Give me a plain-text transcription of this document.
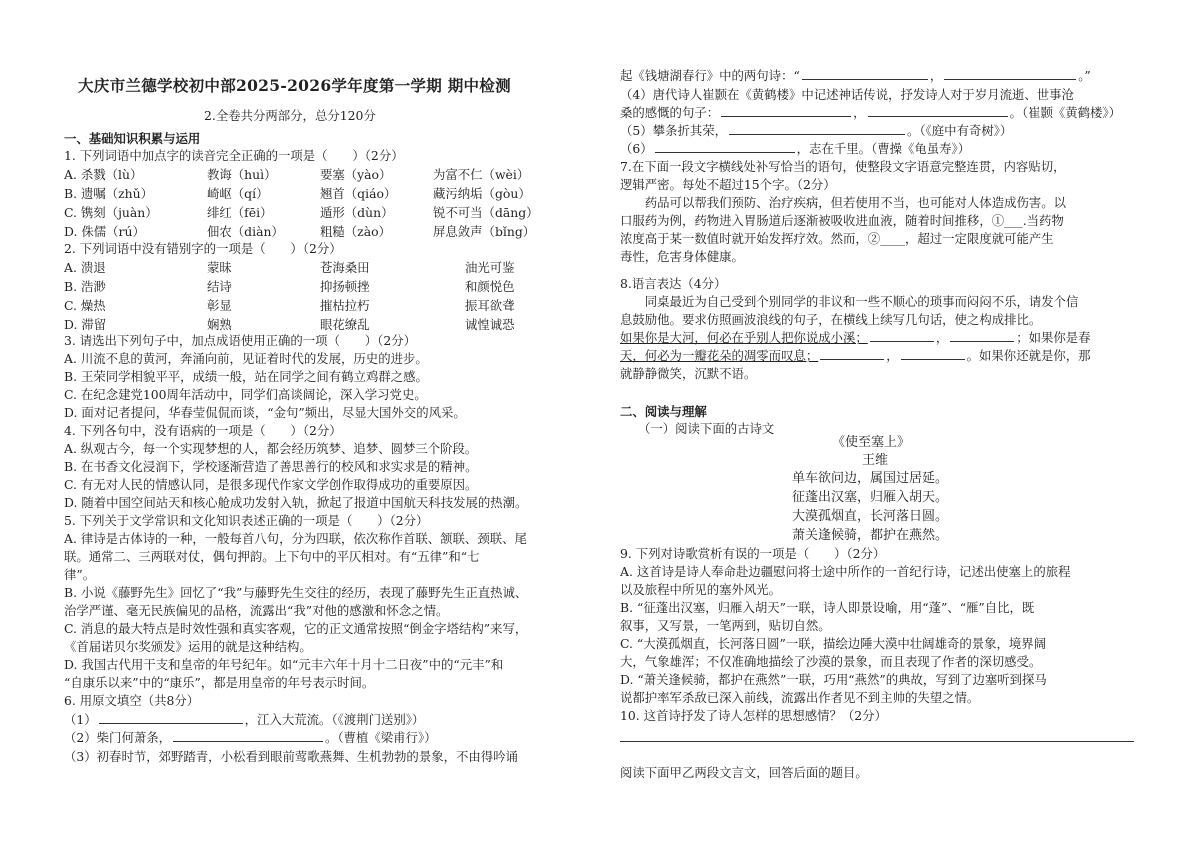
大庆市兰德学校初中部2025-2026学年度第一学期 期中检测
2.全卷共分两部分，总分120分
一、基础知识积累与运用
1. 下列词语中加点字的读音完全正确的一项是（　　）（2分）
A. 杀戮（lù）	教诲（huì）	要塞（yào）	为富不仁（wèi）
B. 遗嘱（zhǔ）	崎岖（qí）	翘首（qiáo）	藏污纳垢（gòu）
C. 镌刻（juàn）	绯红（fēi）	遁形（dùn）	锐不可当（dāng）
D. 侏儒（rú）	佃农（diàn）	粗糙（zào）	屏息敛声（bǐng）
2. 下列词语中没有错别字的一项是（　　）（2分）
A. 溃退	蒙昧	苍海桑田	油光可鉴
B. 浩渺	结诗	抑扬顿挫	和颜悦色
C. 燥热	彰显	摧枯拉朽	振耳欲聋
D. 滞留	娴熟	眼花缭乱	诚惶诚恐
3. 请选出下列句子中，加点成语使用正确的一项（　　）（2分）
A. 川流不息的黄河，奔涌向前，见证着时代的发展，历史的进步。
B. 王荣同学相貌平平，成绩一般，站在同学之间有鹤立鸡群之感。
C. 在纪念建党100周年活动中，同学们高谈阔论，深入学习党史。
D. 面对记者提问，华春莹侃侃而谈，“金句”频出，尽显大国外交的风采。
4. 下列各句中，没有语病的一项是（　　）（2分）
A. 纵观古今，每一个实现梦想的人，都会经历筑梦、追梦、圆梦三个阶段。
B. 在书香文化浸润下，学校逐渐营造了善思善行的校风和求实求是的精神。
C. 有无对人民的情感认同，是很多现代作家文学创作取得成功的重要原因。
D. 随着中国空间站天和核心舱成功发射入轨，掀起了报道中国航天科技发展的热潮。
5. 下列关于文学常识和文化知识表述正确的一项是（　　）（2分）
A. 律诗是古体诗的一种，一般每首八句，分为四联，依次称作首联、颔联、颈联、尾
联。通常二、三两联对仗，偶句押韵。上下句中的平仄相对。有“五律”和“七
律”。
B. 小说《藤野先生》回忆了“我”与藤野先生交往的经历，表现了藤野先生正直热诚、
治学严谨、毫无民族偏见的品格，流露出“我”对他的感激和怀念之情。
C. 消息的最大特点是时效性强和真实客观，它的正文通常按照“倒金字塔结构”来写，
《首届诺贝尔奖颁发》运用的就是这种结构。
D. 我国古代用干支和皇帝的年号纪年。如“元丰六年十月十二日夜”中的“元丰”和
“自康乐以来”中的“康乐”，都是用皇帝的年号表示时间。
6. 用原文填空（共8分）
（1）	，江入大荒流。（《渡荆门送别》）
（2）柴门何萧条，	。（曹植《梁甫行》）
（3）初春时节，郊野踏青，小松看到眼前莺歌燕舞、生机勃勃的景象，不由得吟诵
起《钱塘湖春行》中的两句诗：“	，	。”
（4）唐代诗人崔颢在《黄鹤楼》中记述神话传说，抒发诗人对于岁月流逝、世事沧
桑的感慨的句子：	，	。（崔颢《黄鹤楼》）
（5）攀条折其荣，	。（《庭中有奇树》）
（6）	，志在千里。（曹操《龟虽寿》）
7.在下面一段文字横线处补写恰当的语句，使整段文字语意完整连贯，内容贴切，
逻辑严密。每处不超过15个字。（2分）
　　药品可以帮我们预防、治疗疾病，但若使用不当，也可能对人体造成伤害。以
口服药为例，药物进入胃肠道后逐渐被吸收进血液，随着时间推移，①___.当药物
浓度高于某一数值时就开始发挥疗效。然而，②____，超过一定限度就可能产生
毒性，危害身体健康。
8.语言表达（4分）
　　同桌最近为自己受到个别同学的非议和一些不顺心的琐事而闷闷不乐，请发个信
息鼓励他。要求仿照画波浪线的句子，在横线上续写几句话，使之构成排比。
如果你是大河，何必在乎别人把你说成小溪；	，	；如果你是春
天，何必为一瓣花朵的凋零而叹息；	，	。如果你还就是你，那
就静静微笑，沉默不语。
二、阅读与理解
（一）阅读下面的古诗文
《使至塞上》
王维
单车欲问边，属国过居延。
征蓬出汉塞，归雁入胡天。
大漠孤烟直，长河落日圆。
萧关逢候骑，都护在燕然。
9. 下列对诗歌赏析有误的一项是（　　）（2分）
A. 这首诗是诗人奉命赴边疆慰问将士途中所作的一首纪行诗，记述出使塞上的旅程
以及旅程中所见的塞外风光。
B. “征蓬出汉塞，归雁入胡天”一联，诗人即景设喻，用“蓬”、“雁”自比，既
叙事，又写景，一笔两到，贴切自然。
C. “大漠孤烟直，长河落日圆”一联，描绘边陲大漠中壮阔雄奇的景象，境界阔
大，气象雄浑；不仅准确地描绘了沙漠的景象，而且表现了作者的深切感受。
D. “萧关逢候骑，都护在燕然”一联，巧用“燕然”的典故，写到了边塞听到探马
说都护率军杀敌已深入前线，流露出作者见不到主帅的失望之情。
10. 这首诗抒发了诗人怎样的思想感情？（2分）
阅读下面甲乙两段文言文，回答后面的题目。
